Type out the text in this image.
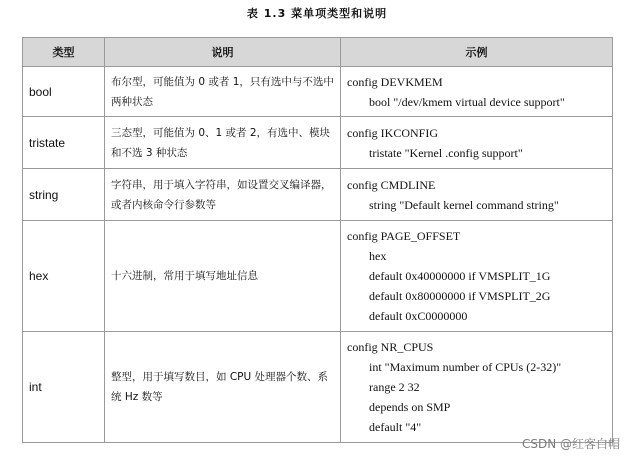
表 1.3 菜单项类型和说明
类型	说明	示例
bool	布尔型，可能值为 0 或者 1，只有选中与不选中两种状态	config DEVKMEM
bool "/dev/kmem virtual device support"

tristate	三态型，可能值为 0、1 或者 2，有选中、模块和不选 3 种状态	config IKCONFIG
tristate "Kernel .config support"

string	字符串，用于填入字符串，如设置交叉编译器，或者内核命令行参数等	config CMDLINE
string "Default kernel command string"

hex	十六进制，常用于填写地址信息	config PAGE_OFFSET
hex
default 0x40000000 if VMSPLIT_1G
default 0x80000000 if VMSPLIT_2G
default 0xC0000000

int	整型，用于填写数目，如 CPU 处理器个数、系统 Hz 数等	config NR_CPUS
int "Maximum number of CPUs (2-32)"
range 2 32
depends on SMP
default "4"
CSDN @红客白帽
